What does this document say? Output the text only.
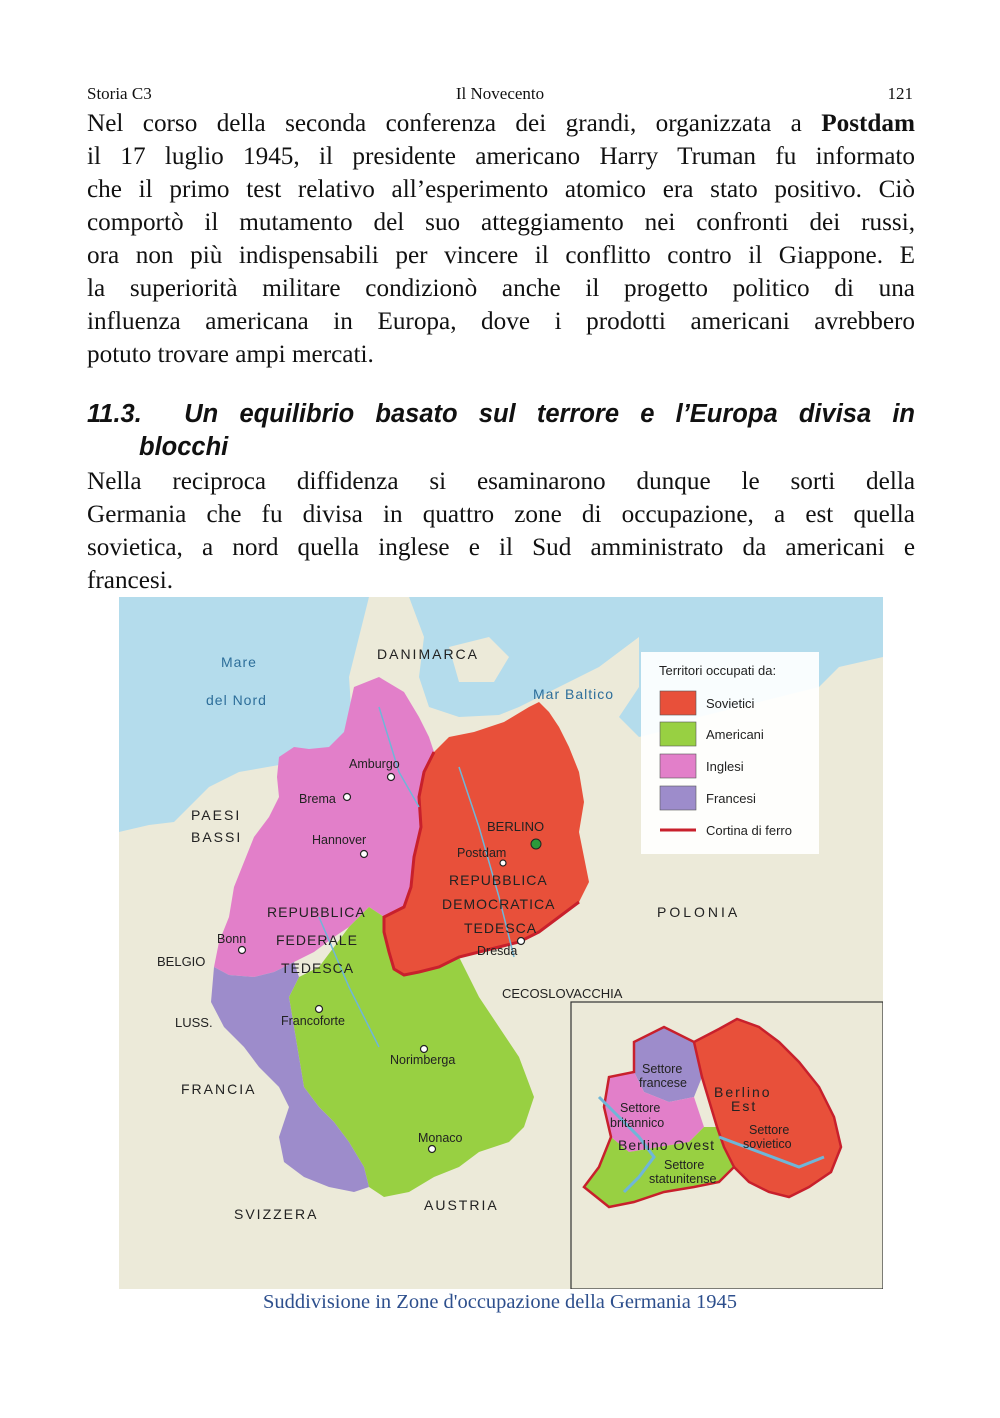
Storia C3	Il Novecento	121
Nel corso della seconda conferenza dei grandi, organizzata a Postdam
il 17 luglio 1945, il presidente americano Harry Truman fu informato
che il primo test relativo all’esperimento atomico era stato positivo. Ciò
comportò il mutamento del suo atteggiamento nei confronti dei russi,
ora non più indispensabili per vincere il conflitto contro il Giappone. E
la superiorità militare condizionò anche il progetto politico di una
influenza americana in Europa, dove i prodotti americani avrebbero
potuto trovare ampi mercati.
11.3. Un equilibrio basato sul terrore e l’Europa divisa in
blocchi
Nella reciproca diffidenza si esaminarono dunque le sorti della
Germania che fu divisa in quattro zone di occupazione, a est quella
sovietica, a nord quella inglese e il Sud amministrato da americani e
francesi.
Mare
del Nord	Mar Baltico
DANIMARCA
PAESI
BASSI
BELGIO
LUSS.
FRANCIA
SVIZZERA
AUSTRIA
CECOSLOVACCHIA
POLONIA
REPUBBLICA
FEDERALE
TEDESCA
REPUBBLICA
DEMOCRATICA
TEDESCA
Amburgo
Brema
Hannover
Bonn
Francoforte
Norimberga
Monaco
BERLINO
Postdam
Dresda
Territori occupati da:
Sovietici
Americani
Inglesi
Francesi
Cortina di ferro
Settore
francese
Settore
britannico
Berlino Ovest
Settore
statunitense
Berlino
Est
Settore
sovietico
Suddivisione in Zone d'occupazione della Germania 1945
